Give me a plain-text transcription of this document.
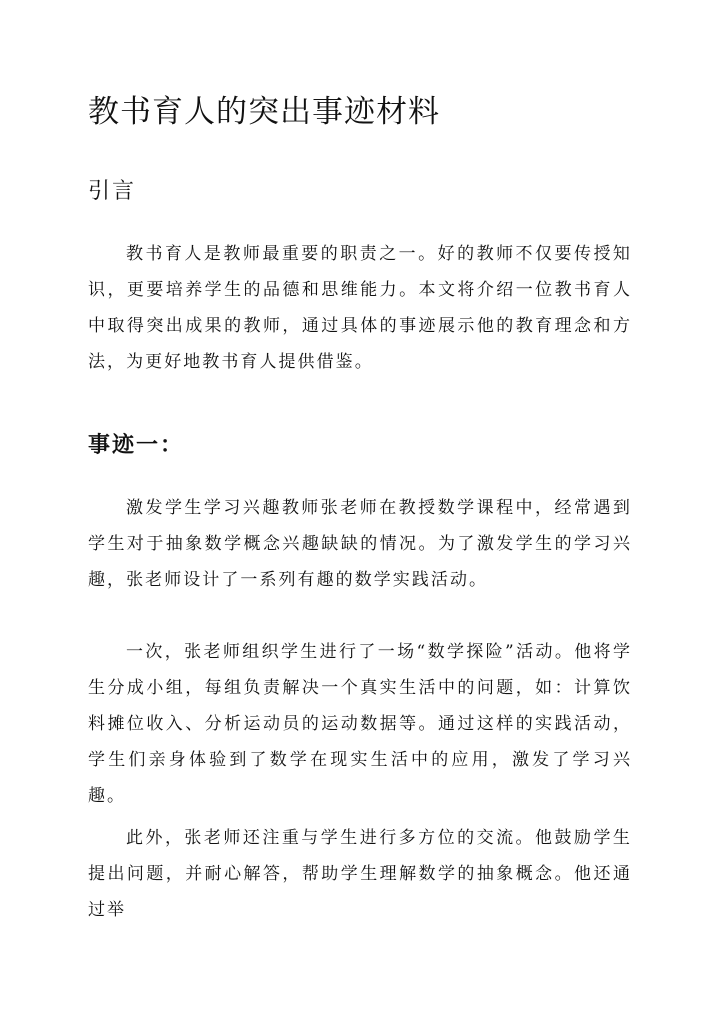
教书育人的突出事迹材料
引言

教书育人是教师最重要的职责之一。好的教师不仅要传授知识，更要培养学生的品德和思维能力。本文将介绍一位教书育人中取得突出成果的教师，通过具体的事迹展示他的教育理念和方法，为更好地教书育人提供借鉴。

事迹一：

激发学生学习兴趣教师张老师在教授数学课程中，经常遇到学生对于抽象数学概念兴趣缺缺的情况。为了激发学生的学习兴趣，张老师设计了一系列有趣的数学实践活动。

一次，张老师组织学生进行了一场“数学探险”活动。他将学生分成小组，每组负责解决一个真实生活中的问题，如：计算饮料摊位收入、分析运动员的运动数据等。通过这样的实践活动，学生们亲身体验到了数学在现实生活中的应用，激发了学习兴趣。

此外，张老师还注重与学生进行多方位的交流。他鼓励学生提出问题，并耐心解答，帮助学生理解数学的抽象概念。他还通过举
